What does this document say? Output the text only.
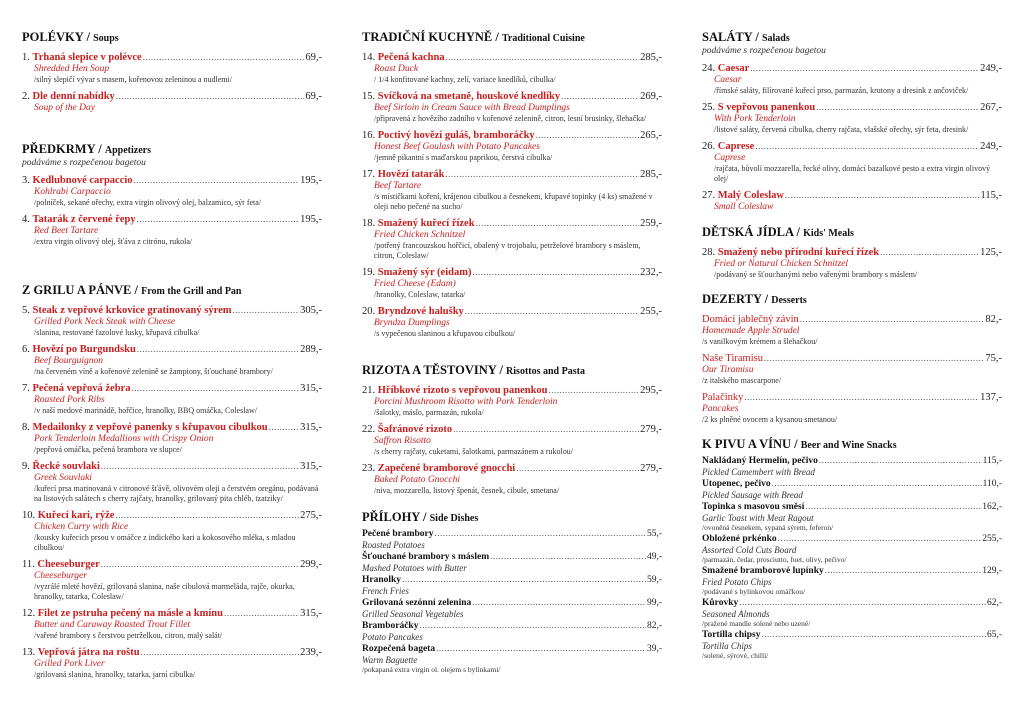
POLÉVKY / Soups
1.
Trhaná slepice v polévce .....	69,-
Shredded Hen Soup
/silný slepičí vývar s masem, kořenovou zeleninou a nudlemi/
2.
Dle denní nabídky .....	69,-
Soup of the Day
PŘEDKRMY / Appetizers
podáváme s rozpečenou bagetou
3.
Kedlubnové carpaccio .....	195,-
Kohlrabi Carpaccio
/polníček, sekané ořechy, extra virgin olivový olej, balzamico, sýr feta/
4.
Tatarák z červené řepy .....	195,-
Red Beet Tartare
/extra virgin olivový olej, šťáva z citrónu, rukola/
Z GRILU A PÁNVE / From the Grill and Pan
5.
Steak z vepřové krkovice gratinovaný sýrem .....	305,-
Grilled Pork Neck Steak with Cheese
/slanina, restované fazolové lusky, křupavá cibulka/
6.
Hovězí po Burgundsku .....	289,-
Beef Bourguignon
/na červeném víně a kořenové zelenině se žampiony, šťouchané brambory/
7.
Pečená vepřová žebra .....	315,-
Roasted Pork Ribs
/v naší medové marinádě, hořčice, hranolky, BBQ omáčka, Coleslaw/
8.
Medailonky z vepřové panenky s křupavou cibulkou .....	315,-
Pork Tenderloin Medallions with Crispy Onion
/pepřová omáčka, pečená brambora ve slupce/
9.
Řecké souvlaki .....	315,-
Greek Souvlaki
/kuřecí prsa marinovaná v citronové šťávě, olivovém oleji a čerstvém oregánu, podávaná na listových salátech s cherry rajčaty, hranolky, grilovaný pita chléb, tzatziky/
10.
Kuřecí kari, rýže .....	275,-
Chicken Curry with Rice
/kousky kuřecích prsou v omáčce z indického kari a kokosového mléka, s mladou cibulkou/
11.
Cheeseburger .....	299,-
Cheeseburger
/vyzrálé mleté hovězí, grilovaná slanina, naše cibulová marmeláda, rajče, okurka, hranolky, tatarka, Coleslaw/
12.
Filet ze pstruha pečený na másle a kmínu .....	315,-
Butter and Caraway Roasted Trout Fillet
/vařené brambory s čerstvou petrželkou, citron, malý salát/
13.
Vepřová játra na roštu .....	239,-
Grilled Pork Liver
/grilovaná slanina, hranolky, tatarka, jarní cibulka/
TRADIČNÍ KUCHYNĚ / Traditional Cuisine
14.
Pečená kachna .....	285,-
Roast Duck
/ 1/4 konfitované kachny, zelí, variace knedlíků, cibulka/
15.
Svíčková na smetaně, houskové knedlíky .....	269,-
Beef Sirloin in Cream Sauce with Bread Dumplings
/připravená z hovězího zadního v kořenové zelenině, citron, lesní brusinky, šlehačka/
16.
Poctivý hovězí guláš, bramboráčky .....	265,-
Honest Beef Goulash with Potato Pancakes
/jemně pikantní s maďarskou paprikou, čerstvá cibulka/
17.
Hovězí tatarák .....	285,-
Beef Tartare
/s místičkami koření, krájenou cibulkou a česnekem, křupavé topinky (4 ks) smažené v oleji nebo pečené na sucho/
18.
Smažený kuřecí řízek .....	259,-
Fried Chicken Schnitzel
/potřený francouzskou hořčicí, obalený v trojobalu, petrželové brambory s máslem, citron, Coleslaw/
19.
Smažený sýr (eidam) .....	232,-
Fried Cheese (Edam)
/hranolky, Coleslaw, tatarka/
20.
Bryndzové halušky .....	255,-
Bryndza Dumplings
/s vypečenou slaninou a křupavou cibulkou/
RIZOTA A TĚSTOVINY / Risottos and Pasta
21.
Hříbkové rizoto s vepřovou panenkou .....	295,-
Porcini Mushroom Risotto with Pork Tenderloin
/šalotky, máslo, parmazán, rukola/
22.
Šafránové rizoto .....	279,-
Saffron Risotto
/s cherry rajčaty, cuketami, šalotkami, parmazánem a rukolou/
23.
Zapečené bramborové gnocchi .....	279,-
Baked Potato Gnocchi
/niva, mozzarella, listový špenát, česnek, cibule, smetana/
PŘÍLOHY / Side Dishes
Pečené brambory .....	55,-
Roasted Potatoes
Šťouchané brambory s máslem .....	49,-
Mashed Potatoes with Butter
Hranolky .....	59,-
French Fries
Grilovaná sezónní zelenina .....	99,-
Grilled Seasonal Vegetables
Bramboráčky .....	82,-
Potato Pancakes
Rozpečená bageta .....	39,-
Warm Baguette
/pokapaná extra virgin ol. olejem s bylinkami/
SALÁTY / Salads
podáváme s rozpečenou bagetou
24.
Caesar .....	249,-
Caesar
/římské saláty, filírované kuřecí prso, parmazán, krutony a dresink z ančoviček/
25.
S vepřovou panenkou .....	267,-
With Pork Tenderloin
/listové saláty, červená cibulka, cherry rajčata, vlašské ořechy, sýr feta, dresink/
26.
Caprese .....	249,-
Caprese
/rajčata, bůvolí mozzarella, řecké olivy, domácí bazalkové pesto a extra virgin olivový olej/
27.
Malý Coleslaw .....	115,-
Small Coleslaw
DĚTSKÁ JÍDLA / Kids' Meals
28.
Smažený nebo přírodní kuřecí řízek .....	125,-
Fried or Natural Chicken Schnitzel
/podávaný se šťouchanými nebo vařenými brambory s máslem/
DEZERTY / Desserts
Domácí jablečný závin .....	82,-
Homemade Apple Strudel
/s vanilkovým krémem a šlehačkou/
Naše Tiramisu .....	75,-
Our Tiramisu
/z italského mascarpone/
Palačinky .....	137,-
Pancakes
/2 ks plněné ovocem a kysanou smetanou/
K PIVU A VÍNU / Beer and Wine Snacks
Nakládaný Hermelín, pečivo .....	115,-
Pickled Camembert with Bread
Utopenec, pečivo .....	110,-
Pickled Sausage with Bread
Topinka s masovou směsí .....	162,-
Garlic Toast with Meat Ragout
/ovoněná česnekem, sypaná sýrem, feferon/
Obložené prkénko .....	255,-
Assorted Cold Cuts Board
/parmazán, čedar, prosciutto, fuet, olivy, pečivo/
Smažené bramborové lupínky .....	129,-
Fried Potato Chips
/podávané s bylinkovou omáčkou/
Kůrovky .....	62,-
Seasoned Almonds
/pražené mandle solené nebo uzené/
Tortilla chipsy .....	65,-
Tortilla Chips
/solené, sýrové, chilli/
